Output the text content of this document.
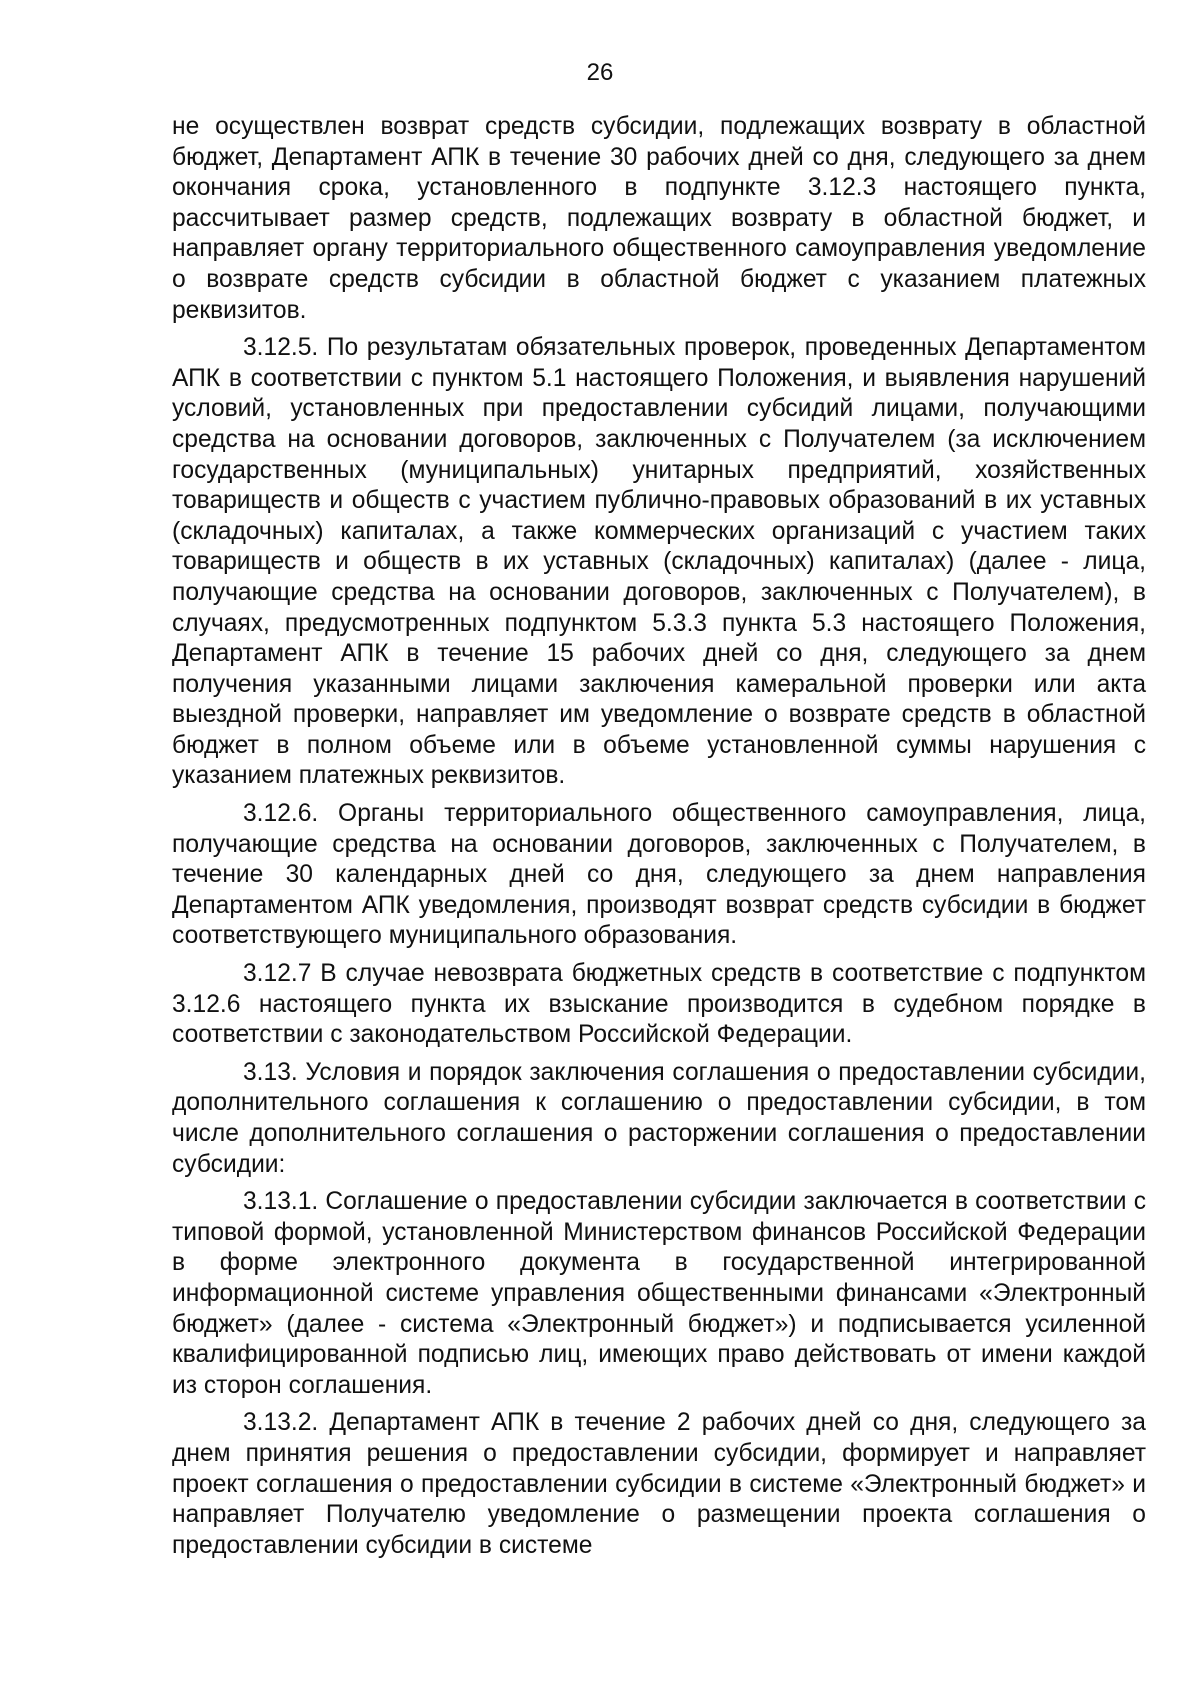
26

не осуществлен возврат средств субсидии, подлежащих возврату в областной бюджет, Департамент АПК в течение 30 рабочих дней со дня, следующего за днем окончания срока, установленного в подпункте 3.12.3 настоящего пункта, рассчитывает размер средств, подлежащих возврату в областной бюджет, и направляет органу территориального общественного самоуправления уведомление о возврате средств субсидии в областной бюджет с указанием платежных реквизитов.

3.12.5. По результатам обязательных проверок, проведенных Департаментом АПК в соответствии с пунктом 5.1 настоящего Положения, и выявления нарушений условий, установленных при предоставлении субсидий лицами, получающими средства на основании договоров, заключенных с Получателем (за исключением государственных (муниципальных) унитарных предприятий, хозяйственных товариществ и обществ с участием публично-правовых образований в их уставных (складочных) капиталах, а также коммерческих организаций с участием таких товариществ и обществ в их уставных (складочных) капиталах) (далее - лица, получающие средства на основании договоров, заключенных с Получателем), в случаях, предусмотренных подпунктом 5.3.3 пункта 5.3 настоящего Положения, Департамент АПК в течение 15 рабочих дней со дня, следующего за днем получения указанными лицами заключения камеральной проверки или акта выездной проверки, направляет им уведомление о возврате средств в областной бюджет в полном объеме или в объеме установленной суммы нарушения с указанием платежных реквизитов.

3.12.6. Органы территориального общественного самоуправления, лица, получающие средства на основании договоров, заключенных с Получателем, в течение 30 календарных дней со дня, следующего за днем направления Департаментом АПК уведомления, производят возврат средств субсидии в бюджет соответствующего муниципального образования.

3.12.7 В случае невозврата бюджетных средств в соответствие с подпунктом 3.12.6 настоящего пункта их взыскание производится в судебном порядке в соответствии с законодательством Российской Федерации.

3.13. Условия и порядок заключения соглашения о предоставлении субсидии, дополнительного соглашения к соглашению о предоставлении субсидии, в том числе дополнительного соглашения о расторжении соглашения о предоставлении субсидии:

3.13.1. Соглашение о предоставлении субсидии заключается в соответствии с типовой формой, установленной Министерством финансов Российской Федерации в форме электронного документа в государственной интегрированной информационной системе управления общественными финансами «Электронный бюджет» (далее - система «Электронный бюджет») и подписывается усиленной квалифицированной подписью лиц, имеющих право действовать от имени каждой из сторон соглашения.

3.13.2. Департамент АПК в течение 2 рабочих дней со дня, следующего за днем принятия решения о предоставлении субсидии, формирует и направляет проект соглашения о предоставлении субсидии в системе «Электронный бюджет» и направляет Получателю уведомление о размещении проекта соглашения о предоставлении субсидии в системе
